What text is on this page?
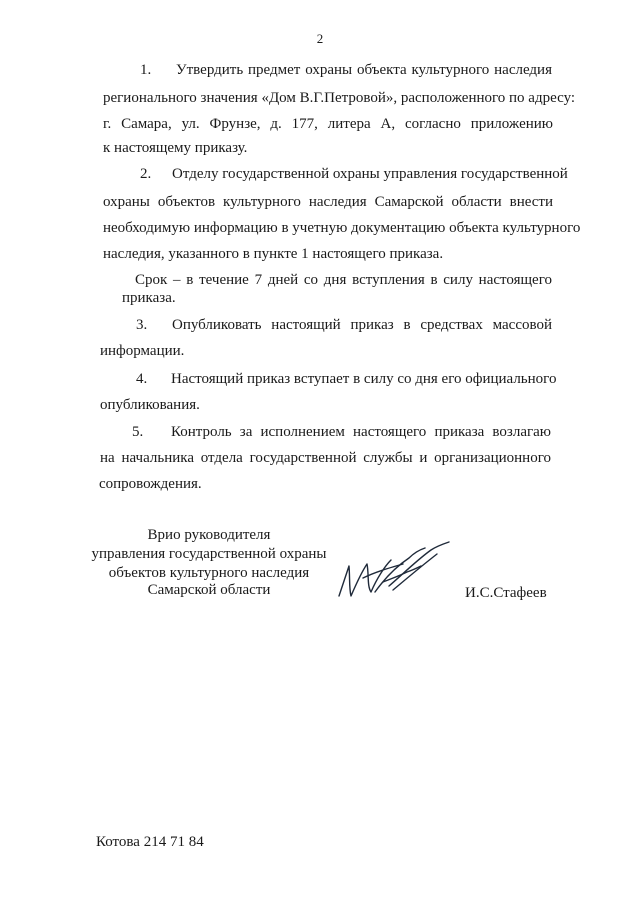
2
1. Утвердить предмет охраны объекта культурного наследия
регионального значения «Дом В.Г.Петровой», расположенного по адресу:
г. Самара, ул. Фрунзе, д. 177, литера А, согласно приложению
к настоящему приказу.
2. Отделу государственной охраны управления государственной
охраны объектов культурного наследия Самарской области внести
необходимую информацию в учетную документацию объекта культурного
наследия, указанного в пункте 1 настоящего приказа.
Срок – в течение 7 дней со дня вступления в силу настоящего
приказа.
3. Опубликовать настоящий приказ в средствах массовой
информации.
4. Настоящий приказ вступает в силу со дня его официального
опубликования.
5. Контроль за исполнением настоящего приказа возлагаю
на начальника отдела государственной службы и организационного
сопровождения.
Врио руководителя
управления государственной охраны
объектов культурного наследия
Самарской области	И.С.Стафеев
Котова 214 71 84
